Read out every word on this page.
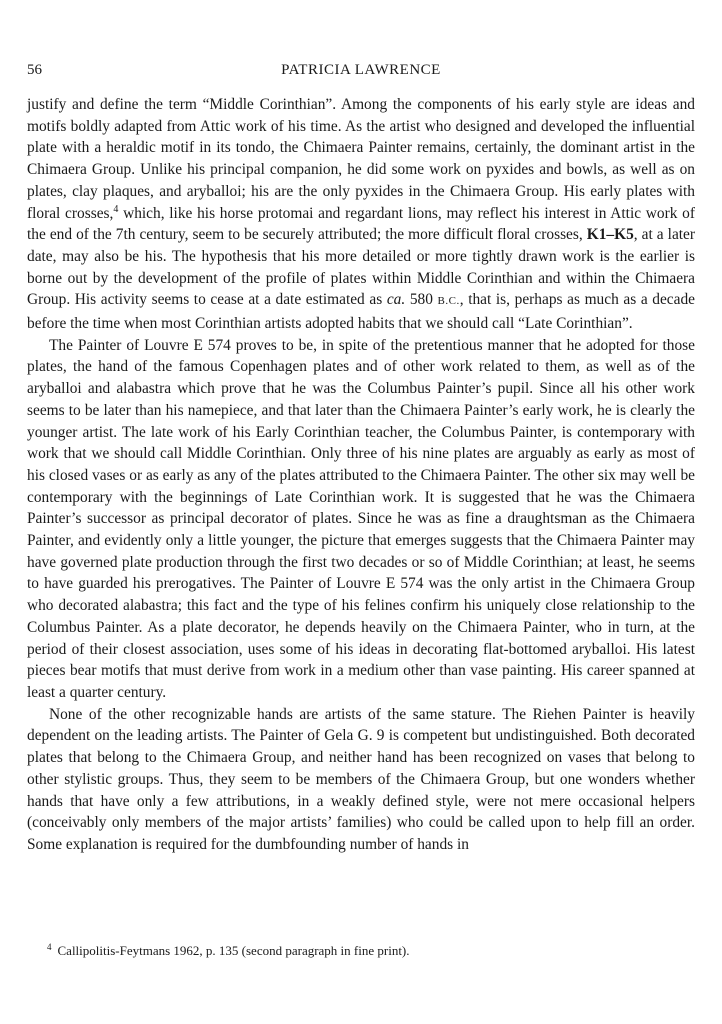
56	PATRICIA LAWRENCE

justify and define the term “Middle Corinthian”. Among the components of his early style are ideas and motifs boldly adapted from Attic work of his time. As the artist who designed and developed the influential plate with a heraldic motif in its tondo, the Chimaera Painter remains, certainly, the dominant artist in the Chimaera Group. Unlike his principal companion, he did some work on pyxides and bowls, as well as on plates, clay plaques, and aryballoi; his are the only pyxides in the Chimaera Group. His early plates with floral crosses,$^4$ which, like his horse protomai and regardant lions, may reflect his interest in Attic work of the end of the 7th century, seem to be securely attributed; the more difficult floral crosses, K1–K5, at a later date, may also be his. The hypothesis that his more detailed or more tightly drawn work is the earlier is borne out by the development of the profile of plates within Middle Corinthian and within the Chimaera Group. His activity seems to cease at a date estimated as ca. 580 B.C., that is, perhaps as much as a decade before the time when most Corinthian artists adopted habits that we should call “Late Corinthian”.

The Painter of Louvre E 574 proves to be, in spite of the pretentious manner that he adopted for those plates, the hand of the famous Copenhagen plates and of other work related to them, as well as of the aryballoi and alabastra which prove that he was the Columbus Painter’s pupil. Since all his other work seems to be later than his namepiece, and that later than the Chimaera Painter’s early work, he is clearly the younger artist. The late work of his Early Corinthian teacher, the Columbus Painter, is contemporary with work that we should call Middle Corinthian. Only three of his nine plates are arguably as early as most of his closed vases or as early as any of the plates attributed to the Chimaera Painter. The other six may well be contemporary with the beginnings of Late Corinthian work. It is suggested that he was the Chimaera Painter’s successor as principal decorator of plates. Since he was as fine a draughtsman as the Chimaera Painter, and evidently only a little younger, the picture that emerges suggests that the Chimaera Painter may have governed plate production through the first two decades or so of Middle Corinthian; at least, he seems to have guarded his prerogatives. The Painter of Louvre E 574 was the only artist in the Chimaera Group who decorated alabastra; this fact and the type of his felines confirm his uniquely close relationship to the Columbus Painter. As a plate decorator, he depends heavily on the Chimaera Painter, who in turn, at the period of their closest association, uses some of his ideas in decorating flat-bottomed aryballoi. His latest pieces bear motifs that must derive from work in a medium other than vase painting. His career spanned at least a quarter century.

None of the other recognizable hands are artists of the same stature. The Riehen Painter is heavily dependent on the leading artists. The Painter of Gela G. 9 is competent but undistinguished. Both decorated plates that belong to the Chimaera Group, and neither hand has been recognized on vases that belong to other stylistic groups. Thus, they seem to be members of the Chimaera Group, but one wonders whether hands that have only a few attributions, in a weakly defined style, were not mere occasional helpers (conceivably only members of the major artists’ families) who could be called upon to help fill an order. Some explanation is required for the dumbfounding number of hands in

$^4$ Callipolitis-Feytmans 1962, p. 135 (second paragraph in fine print).
